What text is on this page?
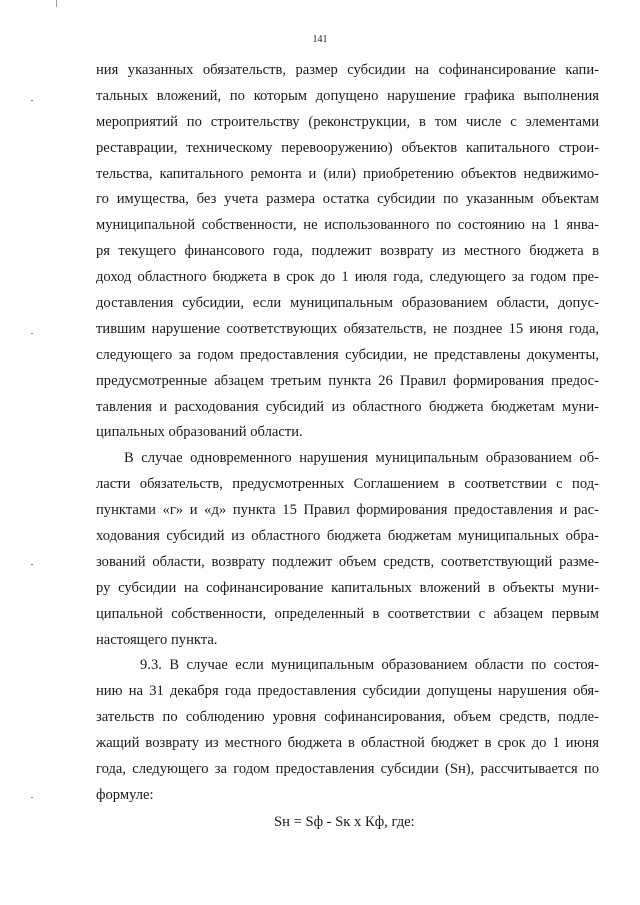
141
ния указанных обязательств, размер субсидии на софинансирование капи-
тальных вложений, по которым допущено нарушение графика выполнения
мероприятий по строительству (реконструкции, в том числе с элементами
реставрации, техническому перевооружению) объектов капитального строи-
тельства, капитального ремонта и (или) приобретению объектов недвижимо-
го имущества, без учета размера остатка субсидии по указанным объектам
муниципальной собственности, не использованного по состоянию на 1 янва-
ря текущего финансового года, подлежит возврату из местного бюджета в
доход областного бюджета в срок до 1 июля года, следующего за годом пре-
доставления субсидии, если муниципальным образованием области, допус-
тившим нарушение соответствующих обязательств, не позднее 15 июня года,
следующего за годом предоставления субсидии, не представлены документы,
предусмотренные абзацем третьим пункта 26 Правил формирования предос-
тавления и расходования субсидий из областного бюджета бюджетам муни-
ципальных образований области.
В случае одновременного нарушения муниципальным образованием об-
ласти обязательств, предусмотренных Соглашением в соответствии с под-
пунктами «г» и «д» пункта 15 Правил формирования предоставления и рас-
ходования субсидий из областного бюджета бюджетам муниципальных обра-
зований области, возврату подлежит объем средств, соответствующий разме-
ру субсидии на софинансирование капитальных вложений в объекты муни-
ципальной собственности, определенный в соответствии с абзацем первым
настоящего пункта.
9.3. В случае если муниципальным образованием области по состоя-
нию на 31 декабря года предоставления субсидии допущены нарушения обя-
зательств по соблюдению уровня софинансирования, объем средств, подле-
жащий возврату из местного бюджета в областной бюджет в срок до 1 июня
года, следующего за годом предоставления субсидии (Sн), рассчитывается по
формуле:
Sн = Sф - Sк x Кф, где:
